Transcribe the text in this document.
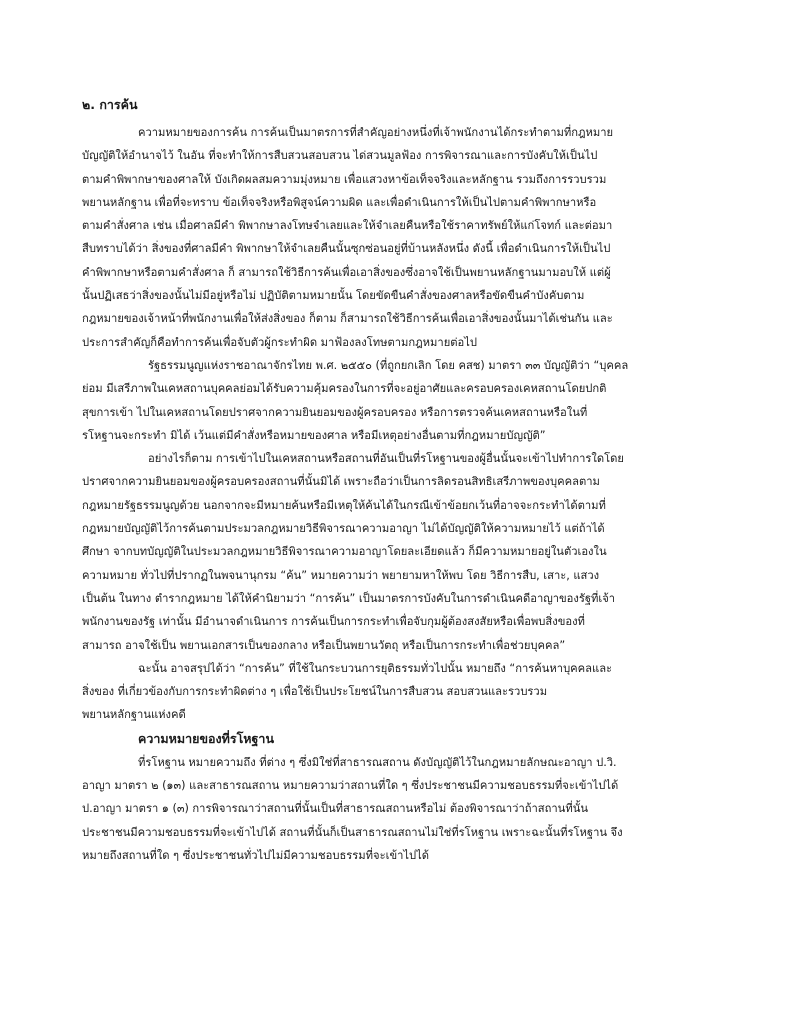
๒. การค้น

ความหมายของการค้น การค้นเป็นมาตรการที่สำคัญอย่างหนึ่งที่เจ้าพนักงานได้กระทำตามที่กฎหมาย
บัญญัติให้อำนาจไว้ ในอัน ที่จะทำให้การสืบสวนสอบสวน ได่สวนมูลฟ้อง การพิจารณาและการบังคับให้เป็นไป
ตามคำพิพากษาของศาลให้ บังเกิดผลสมความมุ่งหมาย เพื่อแสวงหาข้อเท็จจริงและหลักฐาน รวมถึงการรวบรวม
พยานหลักฐาน เพื่อที่จะทราบ ข้อเท็จจริงหรือพิสูจน์ความผิด และเพื่อดำเนินการให้เป็นไปตามคำพิพากษาหรือ
ตามคำสั่งศาล เช่น เมื่อศาลมีคำ พิพากษาลงโทษจำเลยและให้จำเลยคืนหรือใช้ราคาทรัพย์ให้แก่โจทก์ และต่อมา
สืบทราบได้ว่า สิ่งของที่ศาลมีคำ พิพากษาให้จำเลยคืนนั้นซุกซ่อนอยู่ที่บ้านหลังหนึ่ง ดังนี้ เพื่อดำเนินการให้เป็นไป
คำพิพากษาหรือตามคำสั่งศาล ก็ สามารถใช้วิธีการค้นเพื่อเอาสิ่งของซึ่งอาจใช้เป็นพยานหลักฐานมามอบให้ แต่ผู้
นั้นปฏิเสธว่าสิ่งของนั้นไม่มีอยู่หรือไม่ ปฏิบัติตามหมายนั้น โดยขัดขืนคำสั่งของศาลหรือขัดขืนคำบังคับตาม
กฎหมายของเจ้าหน้าที่พนักงานเพื่อให้ส่งสิ่งของ ก็ตาม ก็สามารถใช้วิธีการค้นเพื่อเอาสิ่งของนั้นมาได้เช่นกัน และ
ประการสำคัญก็คือทำการค้นเพื่อจับตัวผู้กระทำผิด มาฟ้องลงโทษตามกฎหมายต่อไป

รัฐธรรมนูญแห่งราชอาณาจักรไทย พ.ศ. ๒๕๕๐ (ที่ถูกยกเลิก โดย คสช) มาตรา ๓๓ บัญญัติว่า “บุคคล
ย่อม มีเสรีภาพในเคหสถานบุคคลย่อมได้รับความคุ้มครองในการที่จะอยู่อาศัยและครอบครองเคหสถานโดยปกติ
สุขการเข้า ไปในเคหสถานโดยปราศจากความยินยอมของผู้ครอบครอง หรือการตรวจค้นเคหสถานหรือในที่
รโหฐานจะกระทำ มิได้ เว้นแต่มีคำสั่งหรือหมายของศาล หรือมีเหตุอย่างอื่นตามที่กฎหมายบัญญัติ”

อย่างไรก็ตาม การเข้าไปในเคหสถานหรือสถานที่อันเป็นที่รโหฐานของผู้อื่นนั้นจะเข้าไปทำการใดโดย
ปราศจากความยินยอมของผู้ครอบครองสถานที่นั้นมิได้ เพราะถือว่าเป็นการลิดรอนสิทธิเสรีภาพของบุคคลตาม
กฎหมายรัฐธรรมนูญด้วย นอกจากจะมีหมายค้นหรือมีเหตุให้ค้นได้ในกรณีเข้าข้อยกเว้นที่อาจจะกระทำได้ตามที่
กฎหมายบัญญัติไว้การค้นตามประมวลกฎหมายวิธีพิจารณาความอาญา ไม่ได้บัญญัติให้ความหมายไว้ แต่ถ้าได้
ศึกษา จากบทบัญญัติในประมวลกฎหมายวิธีพิจารณาความอาญาโดยละเอียดแล้ว ก็มีความหมายอยู่ในตัวเองใน
ความหมาย ทั่วไปที่ปรากฏในพจนานุกรม “ค้น” หมายความว่า พยายามหาให้พบ โดย วิธีการสืบ, เสาะ, แสวง
เป็นต้น ในทาง ตำรากฎหมาย ได้ให้คำนิยามว่า “การค้น” เป็นมาตรการบังคับในการดำเนินคดีอาญาของรัฐที่เจ้า
พนักงานของรัฐ เท่านั้น มีอำนาจดำเนินการ การค้นเป็นการกระทำเพื่อจับกุมผู้ต้องสงสัยหรือเพื่อพบสิ่งของที่
สามารถ อาจใช้เป็น พยานเอกสารเป็นของกลาง หรือเป็นพยานวัตถุ หรือเป็นการกระทำเพื่อช่วยบุคคล”

ฉะนั้น อาจสรุปได้ว่า “การค้น” ที่ใช้ในกระบวนการยุติธรรมทั่วไปนั้น หมายถึง “การค้นหาบุคคลและ
สิ่งของ ที่เกี่ยวข้องกับการกระทำผิดต่าง ๆ เพื่อใช้เป็นประโยชน์ในการสืบสวน สอบสวนและรวบรวม
พยานหลักฐานแห่งคดี

ความหมายของที่รโหฐาน

ที่รโหฐาน หมายความถึง ที่ต่าง ๆ ซึ่งมิใช่ที่สาธารณสถาน ดังบัญญัติไว้ในกฎหมายลักษณะอาญา ป.วิ.
อาญา มาตรา ๒ (๑๓) และสาธารณสถาน หมายความว่าสถานที่ใด ๆ ซึ่งประชาชนมีความชอบธรรมที่จะเข้าไปได้
ป.อาญา มาตรา ๑ (๓) การพิจารณาว่าสถานที่นั้นเป็นที่สาธารณสถานหรือไม่ ต้องพิจารณาว่าถ้าสถานที่นั้น
ประชาชนมีความชอบธรรมที่จะเข้าไปได้ สถานที่นั้นก็เป็นสาธารณสถานไม่ใช่ที่รโหฐาน เพราะฉะนั้นที่รโหฐาน จึง
หมายถึงสถานที่ใด ๆ ซึ่งประชาชนทั่วไปไม่มีความชอบธรรมที่จะเข้าไปได้
